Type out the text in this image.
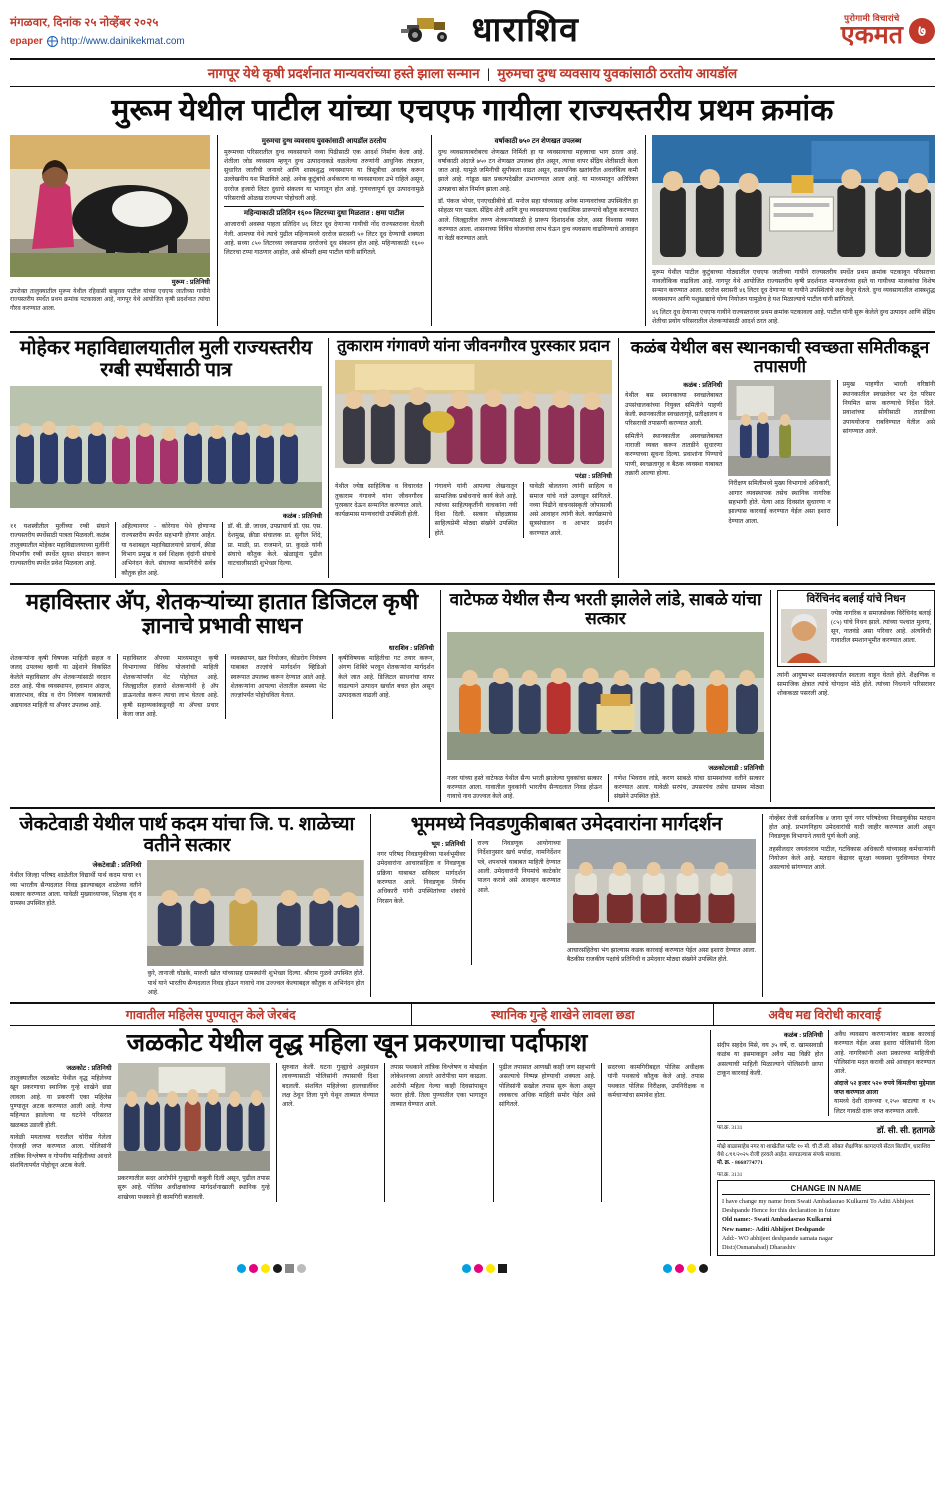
मंगळवार, दिनांक २५ नोव्हेंबर २०२५
epaper http://www.dainikekmat.com	धाराशिव	पुरोगामी विचारांचे
एकमत	७
नागपूर येथे कृषी प्रदर्शनात मान्यवरांच्या हस्ते झाला सन्मान | मुरुमचा दुग्ध व्यवसाय युवकांसाठी ठरतोय आयडॉल
मुरूम येथील पाटील यांच्या एचएफ गायीला राज्यस्तरीय प्रथम क्रमांक
मुरूम : प्रतिनिधी
उपरोक्त तालुक्यातील मुरूम येथील रहिवासी बाबुराव पाटील यांच्या एचएफ जातीच्या गायीने राज्यस्तरीय स्पर्धेत प्रथम क्रमांक पटकावला आहे, नागपूर येथे आयोजित कृषी प्रदर्शनात त्यांचा गौरव करण्यात आला.
मुरुमचा दुग्ध व्यवसाय युवकांसाठी आयडॉल ठरतोय
मुरूमच्या परिसरातील दुग्ध व्यवसायाने नव्या पिढीसाठी एक आदर्श निर्माण केला आहे. शेतीला जोड व्यवसाय म्हणून दुग्ध उत्पादनाकडे वळलेल्या तरुणांनी आधुनिक तंत्रज्ञान, सुधारित जातीची जनावरे आणि शास्त्रशुद्ध व्यवस्थापन या त्रिसूत्रीचा अवलंब करून उल्लेखनीय यश मिळविले आहे. अनेक कुटुंबांचे अर्थकारण या व्यवसायावर उभे राहिले असून, दररोज हजारो लिटर दुधाचे संकलन या भागातून होत आहे. गुणवत्तापूर्ण दूध उत्पादनामुळे परिसराची ओळख राज्यभर पोहोचली आहे.
महिन्याकाठी प्रतिदिन १६०० लिटरच्या दुधा मिळतात : क्षमा पाटील
आजाराची अवस्था पाहता प्रतिदिन ४६ लिटर दूध देणाऱ्या गायीची नोंद राज्यस्तरावर घेतली गेली. आमच्या येथे त्याचे पुढील महिन्यामध्ये दररोज सरासरी ५० लिटर दूध देण्याची शक्यता आहे. सध्या ८५० लिटरच्या जवळपास दररोजचे दूध संकलन होत आहे. महिन्याकाठी १६०० लिटरचा टप्पा गाठणार आहोत, असे श्रीमती क्षमा पाटील यांनी सांगितले.
वर्षाकाठी ७५० टन शेणखत उपलब्ध
दुग्ध व्यवसायाबरोबरच शेणखत निर्मिती हा या व्यवसायाचा महत्त्वाचा भाग ठरला आहे. वर्षाकाठी अंदाजे ७५० टन शेणखत उपलब्ध होत असून, त्याचा वापर सेंद्रिय शेतीसाठी केला जात आहे. यामुळे जमिनीची सुपीकता वाढत असून, रासायनिक खतांवरील अवलंबित्व कमी झाले आहे. गांडूळ खत प्रकल्पदेखील उभारण्यात आला आहे. या माध्यमातून अतिरिक्त उत्पन्नाचा स्रोत निर्माण झाला आहे.
डॉ. पंकज भोयर, एनएचडीबीचे डॉ. मनोज सहा यांच्यासह अनेक मान्यवरांच्या उपस्थितीत हा सोहळा पार पडला. सेंद्रिय शेती आणि दुग्ध व्यवसायाच्या एकात्मिक प्रारूपाचे कौतुक करण्यात आले. जिल्ह्यातील तरुण शेतकऱ्यांसाठी हे प्रारूप दिशादर्शक ठरेल, असा विश्वास व्यक्त करण्यात आला. शासनाच्या विविध योजनांचा लाभ घेऊन दुग्ध व्यवसाय वाढविण्याचे आवाहन या वेळी करण्यात आले.
मुरूम येथील पाटील कुटुंबाच्या गोठ्यातील एचएफ जातीच्या गायीने राज्यस्तरीय स्पर्धेत प्रथम क्रमांक पटकावून परिसराचा नावलौकिक वाढविला आहे. नागपूर येथे आयोजित राज्यस्तरीय कृषी प्रदर्शनात मान्यवरांच्या हस्ते या गायीच्या मालकांचा विशेष सन्मान करण्यात आला. दररोज सरासरी ४६ लिटर दूध देणाऱ्या या गायीने उपस्थितांचे लक्ष वेधून घेतले. दुग्ध व्यवसायातील शास्त्रशुद्ध व्यवस्थापन आणि पशुखाद्याचे योग्य नियोजन यामुळेच हे यश मिळाल्याचे पाटील यांनी सांगितले.
४६ लिटर दूध देणाऱ्या एचएफ गायीने राज्यस्तरावर प्रथम क्रमांक पटकावला आहे. पाटील यांनी सुरू केलेले दुग्ध उत्पादन आणि सेंद्रिय शेतीचा प्रयोग परिसरातील शेतकऱ्यांसाठी आदर्श ठरत आहे.
मोहेकर महाविद्यालयातील मुली राज्यस्तरीय रग्बी स्पर्धेसाठी पात्र
कळंब : प्रतिनिधी
११ यशस्वीतील मुलींच्या रग्बी संघाने राज्यस्तरीय स्पर्धेसाठी पात्रता मिळवली. कळंब तालुक्यातील मोहेकर महाविद्यालयाच्या मुलींनी विभागीय रग्बी स्पर्धेत सुयश संपादन करून राज्यस्तरीय स्पर्धेत प्रवेश मिळवला आहे.
अहिल्यानगर - कोरेगाव येथे होणाऱ्या राज्यस्तरीय स्पर्धेत सहभागी होणार आहेत. या यशाबद्दल महाविद्यालयाचे प्राचार्य, क्रीडा विभाग प्रमुख व सर्व शिक्षक वृंदांनी संघाचे अभिनंदन केले. संघाच्या कामगिरीचे सर्वत्र कौतुक होत आहे.
डॉ. बी. डी. जाधव, उपप्राचार्य डॉ. एस. एस. देशमुख, क्रीडा संचालक प्रा. सुनील शिंदे, प्रा. माळी, प्रा. राजमाने, प्रा. कुदळे यांनी संघाचे कौतुक केले. खेळाडूंना पुढील वाटचालीसाठी शुभेच्छा दिल्या.
तुकाराम गंगावणे यांना जीवनगौरव पुरस्कार प्रदान
परंडा : प्रतिनिधी
येथील ज्येष्ठ साहित्यिक व विचारवंत तुकाराम गंगावणे यांना जीवनगौरव पुरस्कार देऊन सन्मानित करण्यात आले. कार्यक्रमास मान्यवरांची उपस्थिती होती.
गंगावणे यांनी आपल्या लेखनातून सामाजिक प्रबोधनाचे कार्य केले आहे. त्यांच्या साहित्यकृतींनी वाचकांना नवी दिशा दिली. सत्कार सोहळ्यास साहित्यप्रेमी मोठ्या संख्येने उपस्थित होते.
यावेळी बोलताना त्यांनी साहित्य व समाज यांचे नाते उलगडून सांगितले. नव्या पिढीने वाचनसंस्कृती जोपासावी असे आवाहन त्यांनी केले. कार्यक्रमाचे सूत्रसंचालन व आभार प्रदर्शन करण्यात आले.
कळंब येथील बस स्थानकाची स्वच्छता समितीकडून तपासणी
कळंब : प्रतिनिधी
येथील बस स्थानकाच्या स्वच्छतेबाबत उपसंचालकांच्या नियुक्त समितीने पाहणी केली. स्थानकातील स्वच्छतागृहे, प्रतीक्षालय व परिसराची तपासणी करण्यात आली.
समितीने स्थानकातील अस्वच्छतेबाबत नाराजी व्यक्त करून तातडीने सुधारणा करण्याच्या सूचना दिल्या. प्रवाशांना पिण्याचे पाणी, स्वच्छतागृह व बैठक व्यवस्था याबाबत तक्रारी आल्या होत्या.
निरीक्षण समितीमध्ये मुख्य विभागाचे अधिकारी, आगार व्यवस्थापक तसेच स्थानिक नागरिक सहभागी होते. येत्या आठ दिवसांत सुधारणा न झाल्यास कारवाई करण्यात येईल असा इशारा देण्यात आला.
प्रमुख पाहणीत भारती वरिष्ठांनी स्थानकातील स्वच्छतेवर भर देत परिसर नियमित साफ करण्याचे निर्देश दिले. प्रवाशांच्या सोयीसाठी तातडीच्या उपाययोजना राबविण्यात येतील असे सांगण्यात आले.
महाविस्तार अ‍ॅप, शेतकऱ्यांच्या हातात डिजिटल कृषी ज्ञानाचे प्रभावी साधन
धाराशिव : प्रतिनिधी
शेतकऱ्यांना कृषी विषयक माहिती सहज व जलद उपलब्ध व्हावी या उद्देशाने विकसित केलेले महाविस्तार अ‍ॅप शेतकऱ्यांसाठी वरदान ठरत आहे. पीक व्यवस्थापन, हवामान अंदाज, बाजारभाव, कीड व रोग नियंत्रण याबाबतची अद्ययावत माहिती या अ‍ॅपवर उपलब्ध आहे.
महाविस्तार अ‍ॅपच्या माध्यमातून कृषी विभागाच्या विविध योजनांची माहिती शेतकऱ्यांपर्यंत थेट पोहोचत आहे. जिल्ह्यातील हजारो शेतकऱ्यांनी हे अ‍ॅप डाऊनलोड करून त्याचा लाभ घेतला आहे. कृषी सहाय्यकांकडूनही या अ‍ॅपचा प्रचार केला जात आहे.
व्यवस्थापन, खत नियोजन, कीडरोग नियंत्रण याबाबत तज्ज्ञांचे मार्गदर्शन व्हिडिओ स्वरूपात उपलब्ध करून देण्यात आले आहे. शेतकऱ्यांना आपल्या शेतातील समस्या थेट तज्ज्ञांपर्यंत पोहोचविता येतात.
कृषीविषयक माहितीचा गट तयार करून, अंगण शिबिरे भरवून शेतकऱ्यांना मार्गदर्शन केले जात आहे. डिजिटल साधनांचा वापर वाढल्याने उत्पादन खर्चात बचत होत असून उत्पादकता वाढली आहे.
वाटेफळ येथील सैन्य भरती झालेले लांडे, साबळे यांचा सत्कार
जळकोटवाडी : प्रतिनिधी
नजर यांच्या हस्ते वाटेफळ येथील सैन्य भरती झालेल्या युवकांचा सत्कार करण्यात आला. गावातील युवकांनी भारतीय सैन्यदलात निवड होऊन गावाचे नाव उज्ज्वल केले आहे.
गणेश भिवराव लांडे, करण साबळे यांचा ग्रामस्थांच्या वतीने सत्कार करण्यात आला. यावेळी सरपंच, उपसरपंच तसेच ग्रामस्थ मोठ्या संख्येने उपस्थित होते.
विरेंचिनंद बलाई यांचे निधन
ज्येष्ठ नागरिक व समाजसेवक विरेंचिनंद बलाई (८५) यांचे निधन झाले. त्यांच्या पश्चात मुलगा, सून, नातवंडे असा परिवार आहे. अंत्यविधी गावातील स्मशानभूमीत करण्यात आला.
त्यांनी आयुष्यभर समाजकार्यात स्वतःला वाहून घेतले होते. शैक्षणिक व सामाजिक क्षेत्रात त्यांचे योगदान मोठे होते. त्यांच्या निधनाने परिसरावर शोककळा पसरली आहे.
जेकटेवाडी येथील पार्थ कदम यांचा जि. प. शाळेच्या वतीने सत्कार
जेकटेवाडी : प्रतिनिधी
येथील जिल्हा परिषद शाळेतील विद्यार्थी पार्थ कदम याचा १९ व्या भारतीय सैन्यदलात निवड झाल्याबद्दल शाळेच्या वतीने सत्कार करण्यात आला. यावेळी मुख्याध्यापक, शिक्षक वृंद व ग्रामस्थ उपस्थित होते.
कुरे, तानाजी घोडके, मारुती खोत यांच्यासह ग्रामस्थांनी शुभेच्छा दिल्या. श्रीराम गुळवे उपस्थित होते. पार्थ याने भारतीय सैन्यदलात निवड होऊन गावाचे नाव उज्ज्वल केल्याबद्दल कौतुक व अभिनंदन होत आहे.
भूममध्ये निवडणुकीबाबत उमेदवारांना मार्गदर्शन
भूम : प्रतिनिधी
नगर परिषद निवडणुकीच्या पार्श्वभूमीवर उमेदवारांना आचारसंहिता व निवडणूक प्रक्रिया याबाबत सविस्तर मार्गदर्शन करण्यात आले. निवडणूक निर्णय अधिकारी यांनी उपस्थितांच्या शंकांचे निरसन केले.
राज्य निवडणूक आयोगाच्या निर्देशानुसार खर्च मर्यादा, नामनिर्देशन पत्रे, शपथपत्रे याबाबत माहिती देण्यात आली. उमेदवारांनी नियमांचे काटेकोर पालन करावे असे आवाहन करण्यात आले.
आचारसंहितेचा भंग झाल्यास कडक कारवाई करण्यात येईल असा इशारा देण्यात आला. बैठकीस राजकीय पक्षांचे प्रतिनिधी व उमेदवार मोठ्या संख्येने उपस्थित होते.
नोव्हेंबर रोजी सार्वजनिक ४ जागा पूर्ण नगर परिषदेच्या निवडणुकीस मतदान होत आहे. प्रभागनिहाय उमेदवारांची यादी जाहीर करण्यात आली असून निवडणूक विभागाने तयारी पूर्ण केली आहे.
तहसीलदार जयवंतराव पाटील, गटविकास अधिकारी यांच्यासह कर्मचाऱ्यांनी नियोजन केले आहे. मतदान केंद्रावर सुरक्षा व्यवस्था पुरविण्यात येणार असल्याचे सांगण्यात आले.
गावातील महिलेस पुण्यातून केले जेरबंद	स्थानिक गुन्हे शाखेने लावला छडा	अवैध मद्य विरोधी कारवाई
जळकोट येथील वृद्ध महिला खून प्रकरणाचा पर्दाफाश
जळकोट : प्रतिनिधी
तालुक्यातील जळकोट येथील वृद्ध महिलेच्या खून प्रकरणाचा स्थानिक गुन्हे शाखेने छडा लावला आहे. या प्रकरणी एका महिलेस पुण्यातून अटक करण्यात आली आहे. गेल्या महिन्यात झालेल्या या घटनेने परिसरात खळबळ उडाली होती.
यावेळी मयताच्या घरातील चोरीस गेलेला ऐवजही जप्त करण्यात आला. पोलिसांनी तांत्रिक विश्लेषण व गोपनीय माहितीच्या आधारे संशयितापर्यंत पोहोचून अटक केली.
प्रकरणातील सदर आरोपीने गुन्ह्याची कबुली दिली असून, पुढील तपास सुरू आहे. पोलिस अधीक्षकांच्या मार्गदर्शनाखाली स्थानिक गुन्हे शाखेच्या पथकाने ही कामगिरी बजावली.
सुरुवात केली. घटना गुन्ह्याचे अनुसंधान लावण्यासाठी पोलिसांनी तपासाची दिशा बदलली. संशयित महिलेच्या हालचालींवर लक्ष ठेवून तिला पुणे येथून ताब्यात घेण्यात आले.
तपास पथकाने तांत्रिक विश्लेषण व मोबाईल लोकेशनच्या आधारे आरोपीचा माग काढला. आरोपी महिला गेल्या काही दिवसांपासून फरार होती. तिला पुण्यातील एका भागातून ताब्यात घेण्यात आले.
पुढील तपासात आणखी काही जण सहभागी असल्याचे निष्पन्न होण्याची शक्यता आहे. पोलिसांनी सखोल तपास सुरू केला असून लवकरच अधिक माहिती समोर येईल असे सांगितले.
सदरच्या कामगिरीबद्दल पोलिस अधीक्षक यांनी पथकाचे कौतुक केले आहे. तपास पथकात पोलिस निरीक्षक, उपनिरीक्षक व कर्मचाऱ्यांचा समावेश होता.
कळंब : प्रतिनिधी
संदीप सहदेव मिसे, वय ३५ वर्षे, रा. खामसवाडी कळंब या इसमाकडून अवैध मद्य विक्री होत असल्याची माहिती मिळाल्याने पोलिसांनी छापा टाकून कारवाई केली.
अवैध व्यवसाय करणाऱ्यांवर कडक कारवाई करण्यात येईल असा इशारा पोलिसांनी दिला आहे. नागरिकांनी अशा प्रकारच्या माहितीची पोलिसांना मदत करावी असे आवाहन करण्यात आले.
अंदाजे ५२ हजार ५२० रुपये किंमतीचा मुद्देमाल जप्त करण्यात आला
यामध्ये देशी दारूच्या १,२५० बाटल्या व १५ लिटर गावठी दारू जप्त करण्यात आली.
फा.क्र. 3131	डॉ. सी. सी. हतागळे
मोक्षे बाळासाहेब नगर या शाखेतील फ्लॅट १० मो. ची टी.सी. सोबत शैक्षणिक कागदपत्रे सेंटल बिल्डींग, धाराशिव येथे ८/११/२०२५ रोजी हरवले आहेत. सापडल्यास संपर्क साधावा.
मो. क्र. - 8668774771
फा.क्र. 3131
CHANGE IN NAME
I have change my name from Swati Ambadasrao Kulkarni To Aditi Abhijeet Deshpande Hence for this declaration in future
Old name:- Swati Ambadasrao Kulkarni
New name:- Aditi Abhijeet Deshpande
Add:- WO abhijeet deshpande samata nagar
Dist:(Osmanabad) Dharashiv
